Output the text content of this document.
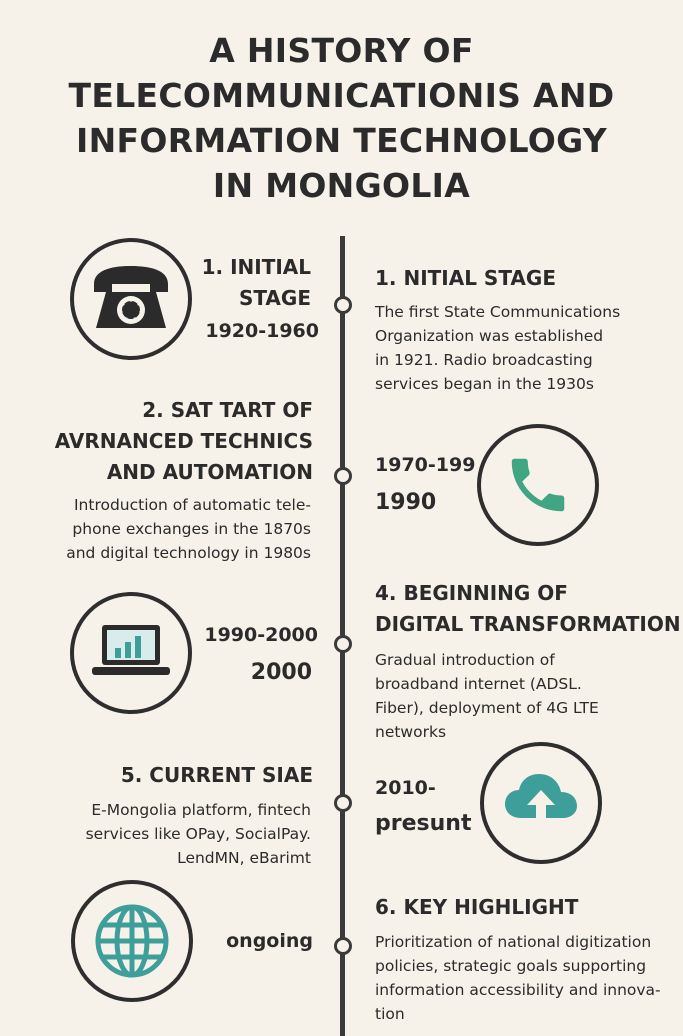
A HISTORY OF
TELECOMMUNICATIONIS AND
INFORMATION TECHNOLOGY
IN MONGOLIA
1. INITIAL
STAGE
1920-1960
1. NITIAL STAGE
The first State Communications
Organization was established
in 1921. Radio broadcasting
services began in the 1930s
2. SAT TART OF
AVRNANCED TECHNICS
AND AUTOMATION
Introduction of automatic tele-
phone exchanges in the 1870s
and digital technology in 1980s
1970-199
1990
1990-2000
2000
4. BEGINNING OF
DIGITAL TRANSFORMATION
Gradual introduction of
broadband internet (ADSL.
Fiber), deployment of 4G LTE
networks
5. CURRENT SIAE
E-Mongolia platform, fintech
services like OPay, SocialPay.
LendMN, eBarimt
2010-
presunt
ongoing
6. KEY HIGHLIGHT
Prioritization of national digitization
policies, strategic goals supporting
information accessibility and innova-
tion
